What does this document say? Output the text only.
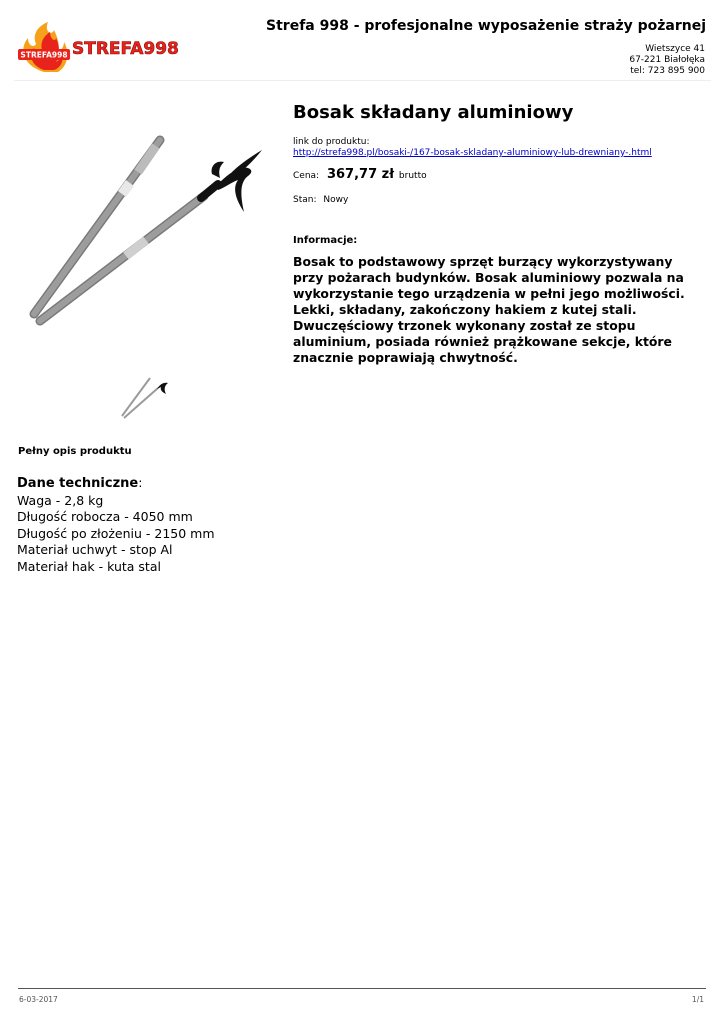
STREFA998 STREFA998
Strefa 998 - profesjonalne wyposażenie straży pożarnej
Wietszyce 41
67-221 Białołęka
tel: 723 895 900
Bosak składany aluminiowy
link do produktu:
http://strefa998.pl/bosaki-/167-bosak-skladany-aluminiowy-lub-drewniany-.html
Cena: 367,77 zł brutto
Stan: Nowy
Informacje:
Bosak to podstawowy sprzęt burzący wykorzystywany przy pożarach budynków. Bosak aluminiowy pozwala na wykorzystanie tego urządzenia w pełni jego możliwości. Lekki, składany, zakończony hakiem z kutej stali. Dwuczęściowy trzonek wykonany został ze stopu aluminium, posiada również prążkowane sekcje, które znacznie poprawiają chwytność.
Pełny opis produktu
Dane techniczne:
Waga - 2,8 kg
Długość robocza - 4050 mm
Długość po złożeniu - 2150 mm
Materiał uchwyt - stop Al
Materiał hak - kuta stal
6-03-2017	1/1
